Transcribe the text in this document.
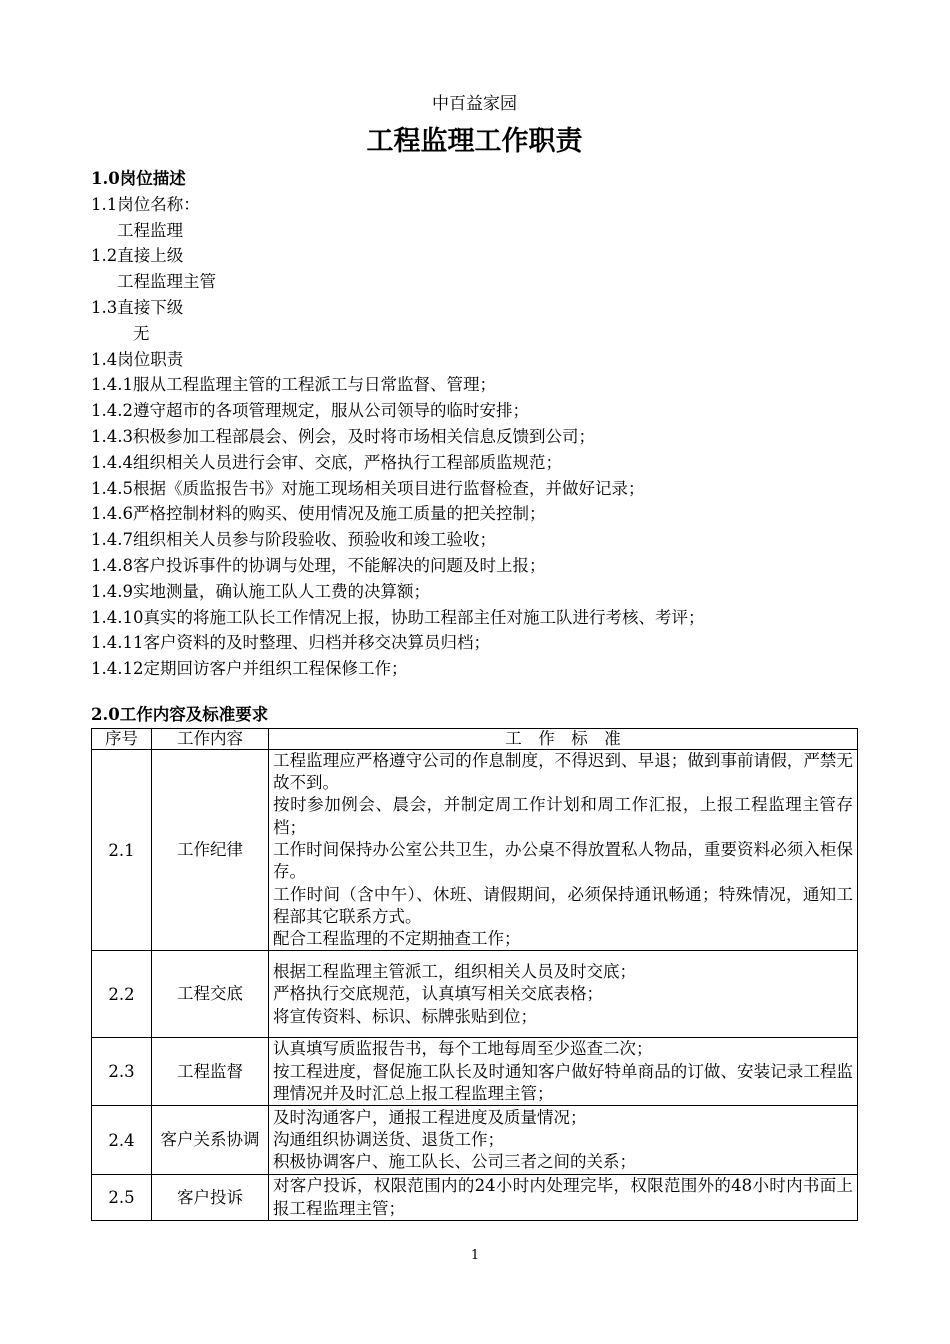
中百益家园

工程监理工作职责

1.0岗位描述

1.1岗位名称：

工程监理

1.2直接上级

工程监理主管

1.3直接下级

无

1.4岗位职责

1.4.1服从工程监理主管的工程派工与日常监督、管理；

1.4.2遵守超市的各项管理规定，服从公司领导的临时安排；

1.4.3积极参加工程部晨会、例会，及时将市场相关信息反馈到公司；

1.4.4组织相关人员进行会审、交底，严格执行工程部质监规范；

1.4.5根据《质监报告书》对施工现场相关项目进行监督检查，并做好记录；

1.4.6严格控制材料的购买、使用情况及施工质量的把关控制；

1.4.7组织相关人员参与阶段验收、预验收和竣工验收；

1.4.8客户投诉事件的协调与处理，不能解决的问题及时上报；

1.4.9实地测量，确认施工队人工费的决算额；

1.4.10真实的将施工队长工作情况上报，协助工程部主任对施工队进行考核、考评；

1.4.11客户资料的及时整理、归档并移交决算员归档；

1.4.12定期回访客户并组织工程保修工作；

2.0工作内容及标准要求

序号	工作内容	工　作　标　准
2.1	工作纪律	工程监理应严格遵守公司的作息制度，不得迟到、早退；做到事前请假，严禁无故不到。
按时参加例会、晨会，并制定周工作计划和周工作汇报，上报工程监理主管存档；
工作时间保持办公室公共卫生，办公桌不得放置私人物品，重要资料必须入柜保存。
工作时间（含中午）、休班、请假期间，必须保持通讯畅通；特殊情况，通知工程部其它联系方式。
配合工程监理的不定期抽查工作；

2.2	工程交底	根据工程监理主管派工，组织相关人员及时交底；
严格执行交底规范，认真填写相关交底表格；
将宣传资料、标识、标牌张贴到位；

2.3	工程监督	认真填写质监报告书，每个工地每周至少巡查二次；
按工程进度，督促施工队长及时通知客户做好特单商品的订做、安装记录工程监理情况并及时汇总上报工程监理主管；

2.4	客户关系协调	及时沟通客户，通报工程进度及质量情况；
沟通组织协调送货、退货工作；
积极协调客户、施工队长、公司三者之间的关系；

2.5	客户投诉	对客户投诉，权限范围内的24小时内处理完毕，权限范围外的48小时内书面上报工程监理主管；
1
